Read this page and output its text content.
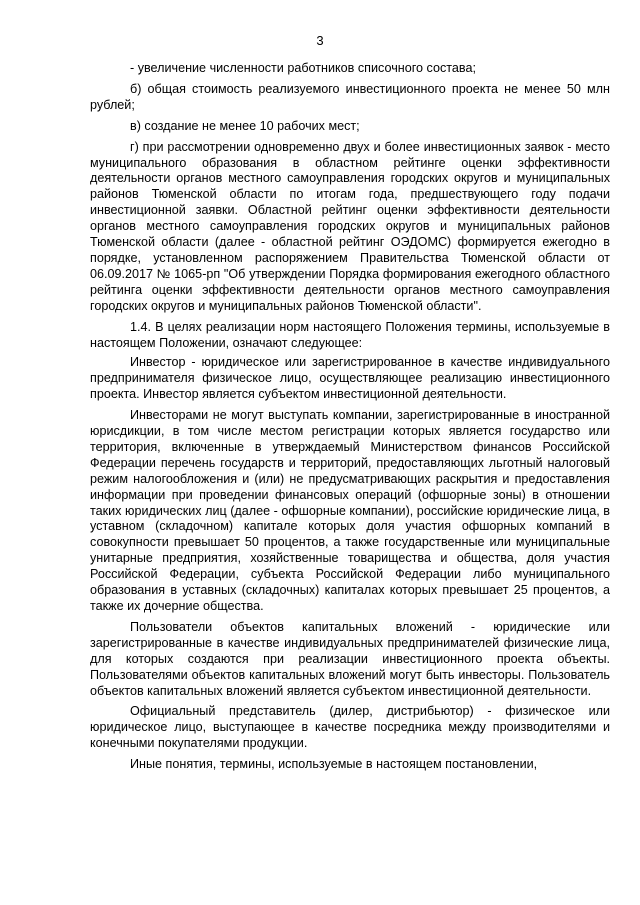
3

- увеличение численности работников списочного состава;

б) общая стоимость реализуемого инвестиционного проекта не менее 50 млн рублей;

в) создание не менее 10 рабочих мест;

г) при рассмотрении одновременно двух и более инвестиционных заявок - место муниципального образования в областном рейтинге оценки эффективности деятельности органов местного самоуправления городских округов и муниципальных районов Тюменской области по итогам года, предшествующего году подачи инвестиционной заявки. Областной рейтинг оценки эффективности деятельности органов местного самоуправления городских округов и муниципальных районов Тюменской области (далее - областной рейтинг ОЭДОМС) формируется ежегодно в порядке, установленном распоряжением Правительства Тюменской области от 06.09.2017 № 1065-рп "Об утверждении Порядка формирования ежегодного областного рейтинга оценки эффективности деятельности органов местного самоуправления городских округов и муниципальных районов Тюменской области".

1.4. В целях реализации норм настоящего Положения термины, используемые в настоящем Положении, означают следующее:

Инвестор - юридическое или зарегистрированное в качестве индивидуального предпринимателя физическое лицо, осуществляющее реализацию инвестиционного проекта. Инвестор является субъектом инвестиционной деятельности.

Инвесторами не могут выступать компании, зарегистрированные в иностранной юрисдикции, в том числе местом регистрации которых является государство или территория, включенные в утверждаемый Министерством финансов Российской Федерации перечень государств и территорий, предоставляющих льготный налоговый режим налогообложения и (или) не предусматривающих раскрытия и предоставления информации при проведении финансовых операций (офшорные зоны) в отношении таких юридических лиц (далее - офшорные компании), российские юридические лица, в уставном (складочном) капитале которых доля участия офшорных компаний в совокупности превышает 50 процентов, а также государственные или муниципальные унитарные предприятия, хозяйственные товарищества и общества, доля участия Российской Федерации, субъекта Российской Федерации либо муниципального образования в уставных (складочных) капиталах которых превышает 25 процентов, а также их дочерние общества.

Пользователи объектов капитальных вложений - юридические или зарегистрированные в качестве индивидуальных предпринимателей физические лица, для которых создаются при реализации инвестиционного проекта объекты. Пользователями объектов капитальных вложений могут быть инвесторы. Пользователь объектов капитальных вложений является субъектом инвестиционной деятельности.

Официальный представитель (дилер, дистрибьютор) - физическое или юридическое лицо, выступающее в качестве посредника между производителями и конечными покупателями продукции.

Иные понятия, термины, используемые в настоящем постановлении,
